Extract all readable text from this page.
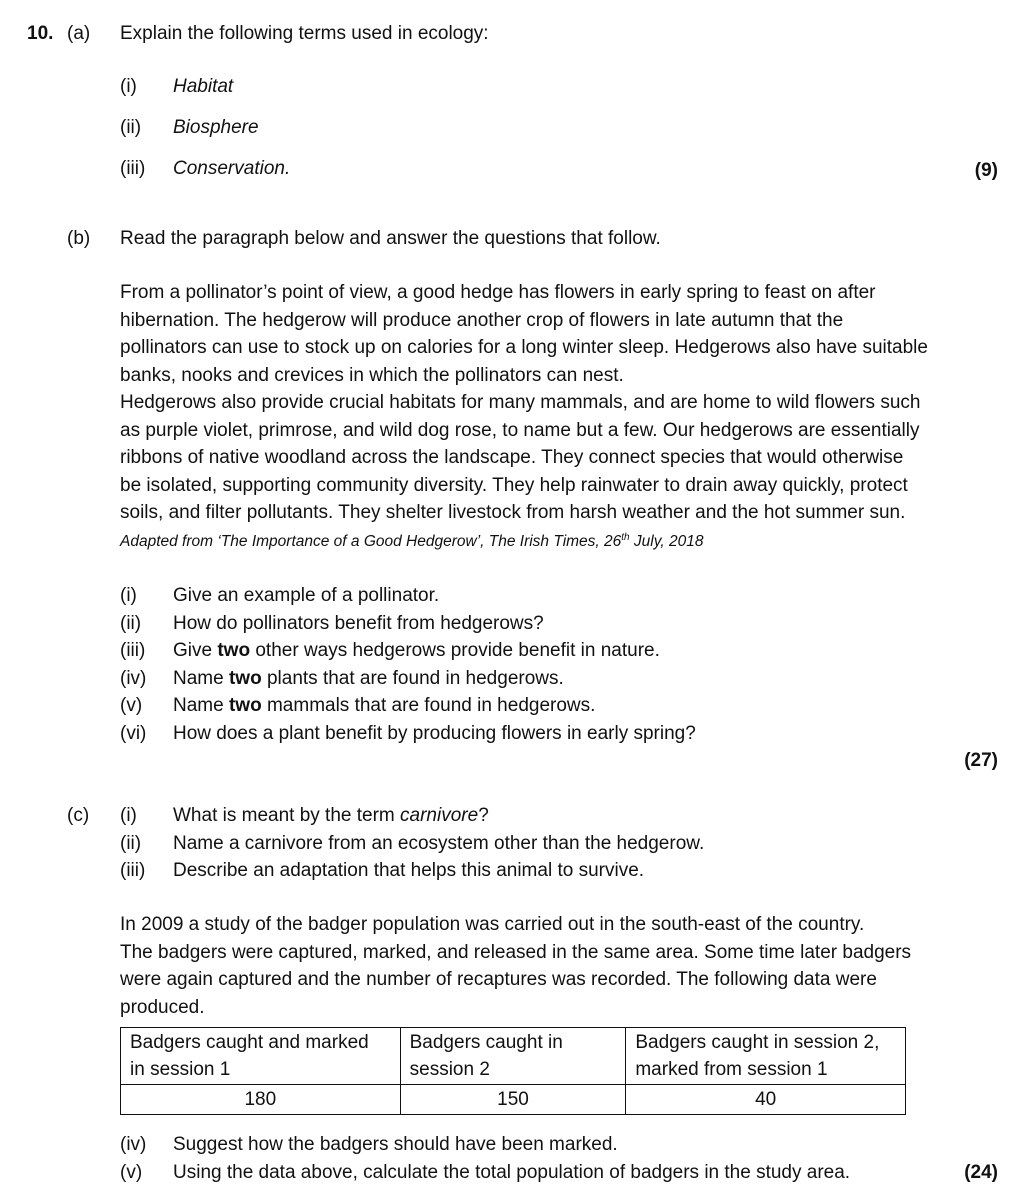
10. (a) Explain the following terms used in ecology:
(i) Habitat
(ii) Biosphere
(iii) Conservation.	(9)
(b) Read the paragraph below and answer the questions that follow.
From a pollinator’s point of view, a good hedge has flowers in early spring to feast on after
hibernation. The hedgerow will produce another crop of flowers in late autumn that the
pollinators can use to stock up on calories for a long winter sleep. Hedgerows also have suitable
banks, nooks and crevices in which the pollinators can nest.
Hedgerows also provide crucial habitats for many mammals, and are home to wild flowers such
as purple violet, primrose, and wild dog rose, to name but a few. Our hedgerows are essentially
ribbons of native woodland across the landscape. They connect species that would otherwise
be isolated, supporting community diversity. They help rainwater to drain away quickly, protect
soils, and filter pollutants. They shelter livestock from harsh weather and the hot summer sun.
Adapted from ‘The Importance of a Good Hedgerow’, The Irish Times, 26th July, 2018
(i) Give an example of a pollinator.
(ii) How do pollinators benefit from hedgerows?
(iii) Give two other ways hedgerows provide benefit in nature.
(iv) Name two plants that are found in hedgerows.
(v) Name two mammals that are found in hedgerows.
(vi) How does a plant benefit by producing flowers in early spring?
(27)
(c) (i) What is meant by the term carnivore?
(ii) Name a carnivore from an ecosystem other than the hedgerow.
(iii) Describe an adaptation that helps this animal to survive.
In 2009 a study of the badger population was carried out in the south-east of the country.
The badgers were captured, marked, and released in the same area. Some time later badgers
were again captured and the number of recaptures was recorded. The following data were
produced.
Badgers caught and marked
in session 1	Badgers caught in
session 2	Badgers caught in session 2,
marked from session 1
180	150	40
(iv) Suggest how the badgers should have been marked.
(v) Using the data above, calculate the total population of badgers in the study area.	(24)
